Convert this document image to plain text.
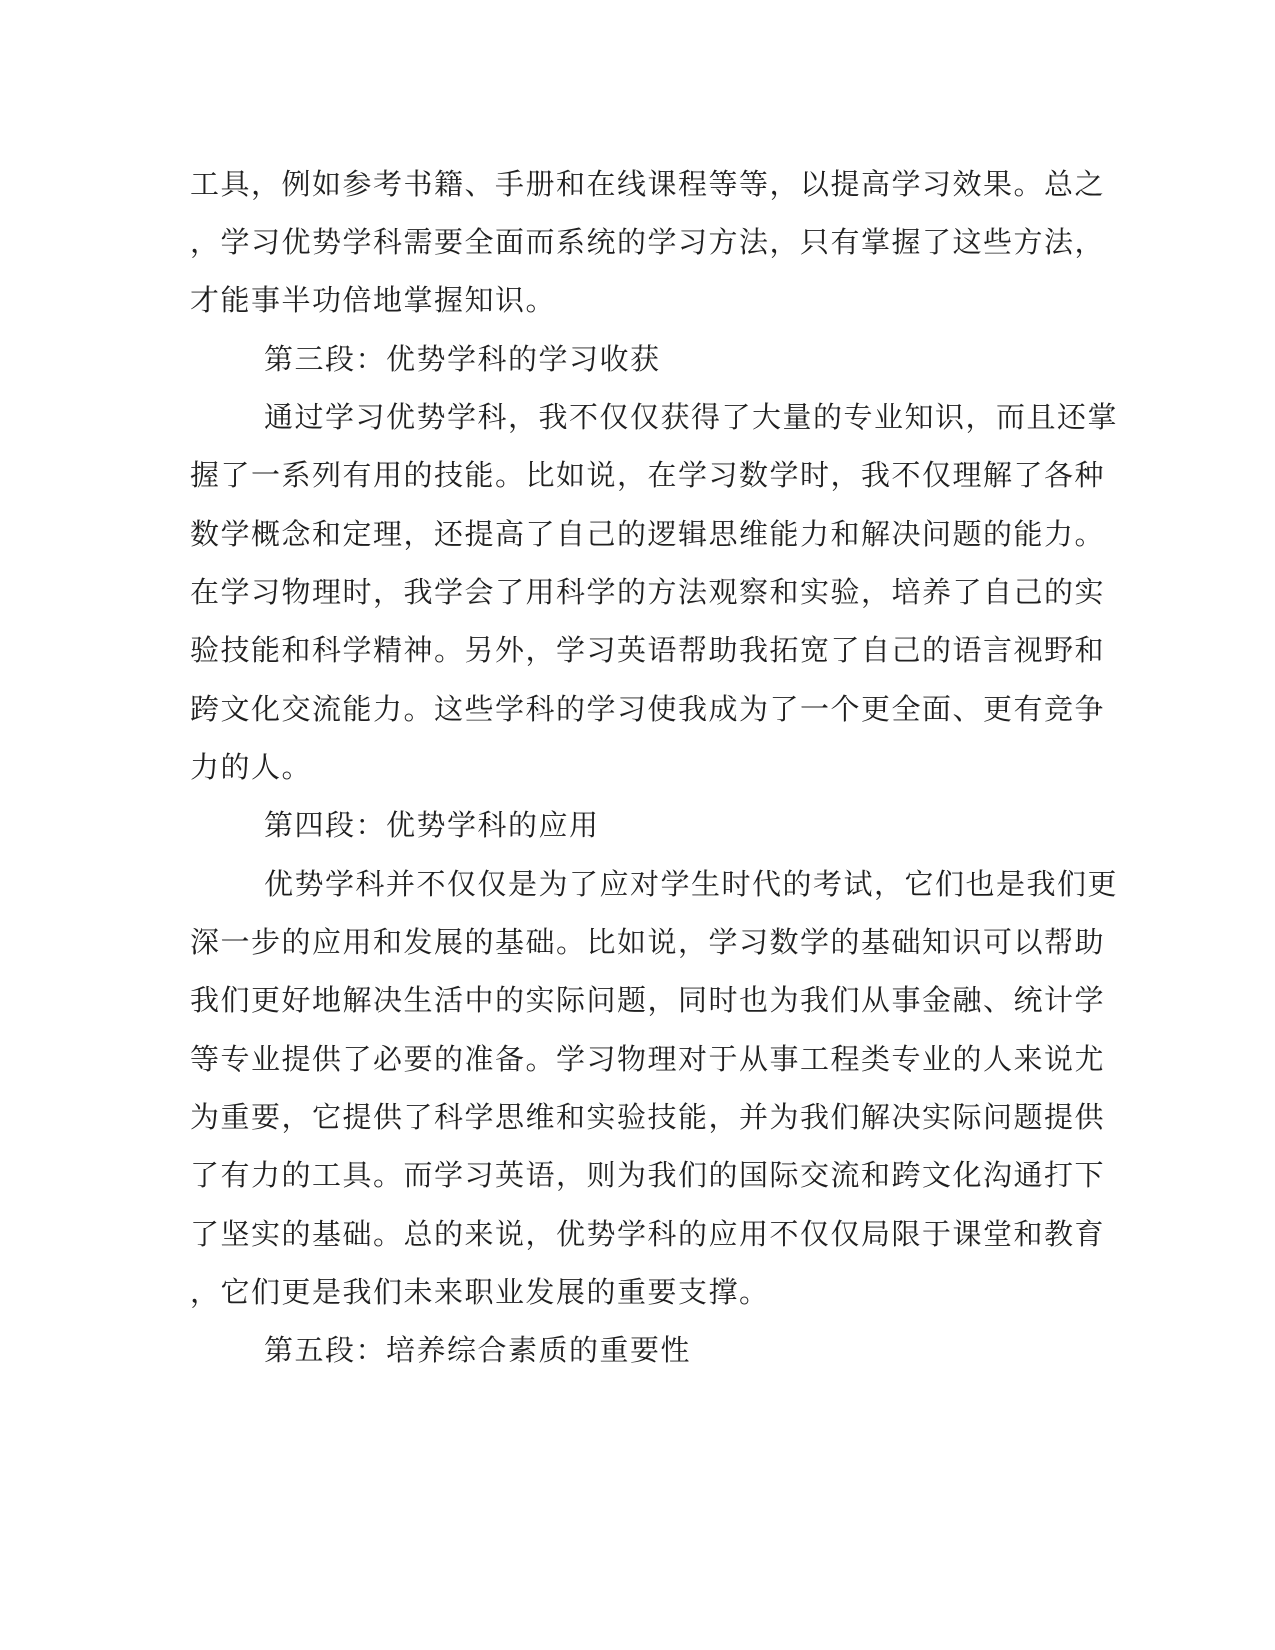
工具，例如参考书籍、手册和在线课程等等，以提高学习效果。总之
，学习优势学科需要全面而系统的学习方法，只有掌握了这些方法，
才能事半功倍地掌握知识。
第三段：优势学科的学习收获
通过学习优势学科，我不仅仅获得了大量的专业知识，而且还掌
握了一系列有用的技能。比如说，在学习数学时，我不仅理解了各种
数学概念和定理，还提高了自己的逻辑思维能力和解决问题的能力。
在学习物理时，我学会了用科学的方法观察和实验，培养了自己的实
验技能和科学精神。另外，学习英语帮助我拓宽了自己的语言视野和
跨文化交流能力。这些学科的学习使我成为了一个更全面、更有竞争
力的人。
第四段：优势学科的应用
优势学科并不仅仅是为了应对学生时代的考试，它们也是我们更
深一步的应用和发展的基础。比如说，学习数学的基础知识可以帮助
我们更好地解决生活中的实际问题，同时也为我们从事金融、统计学
等专业提供了必要的准备。学习物理对于从事工程类专业的人来说尤
为重要，它提供了科学思维和实验技能，并为我们解决实际问题提供
了有力的工具。而学习英语，则为我们的国际交流和跨文化沟通打下
了坚实的基础。总的来说，优势学科的应用不仅仅局限于课堂和教育
，它们更是我们未来职业发展的重要支撑。
第五段：培养综合素质的重要性
